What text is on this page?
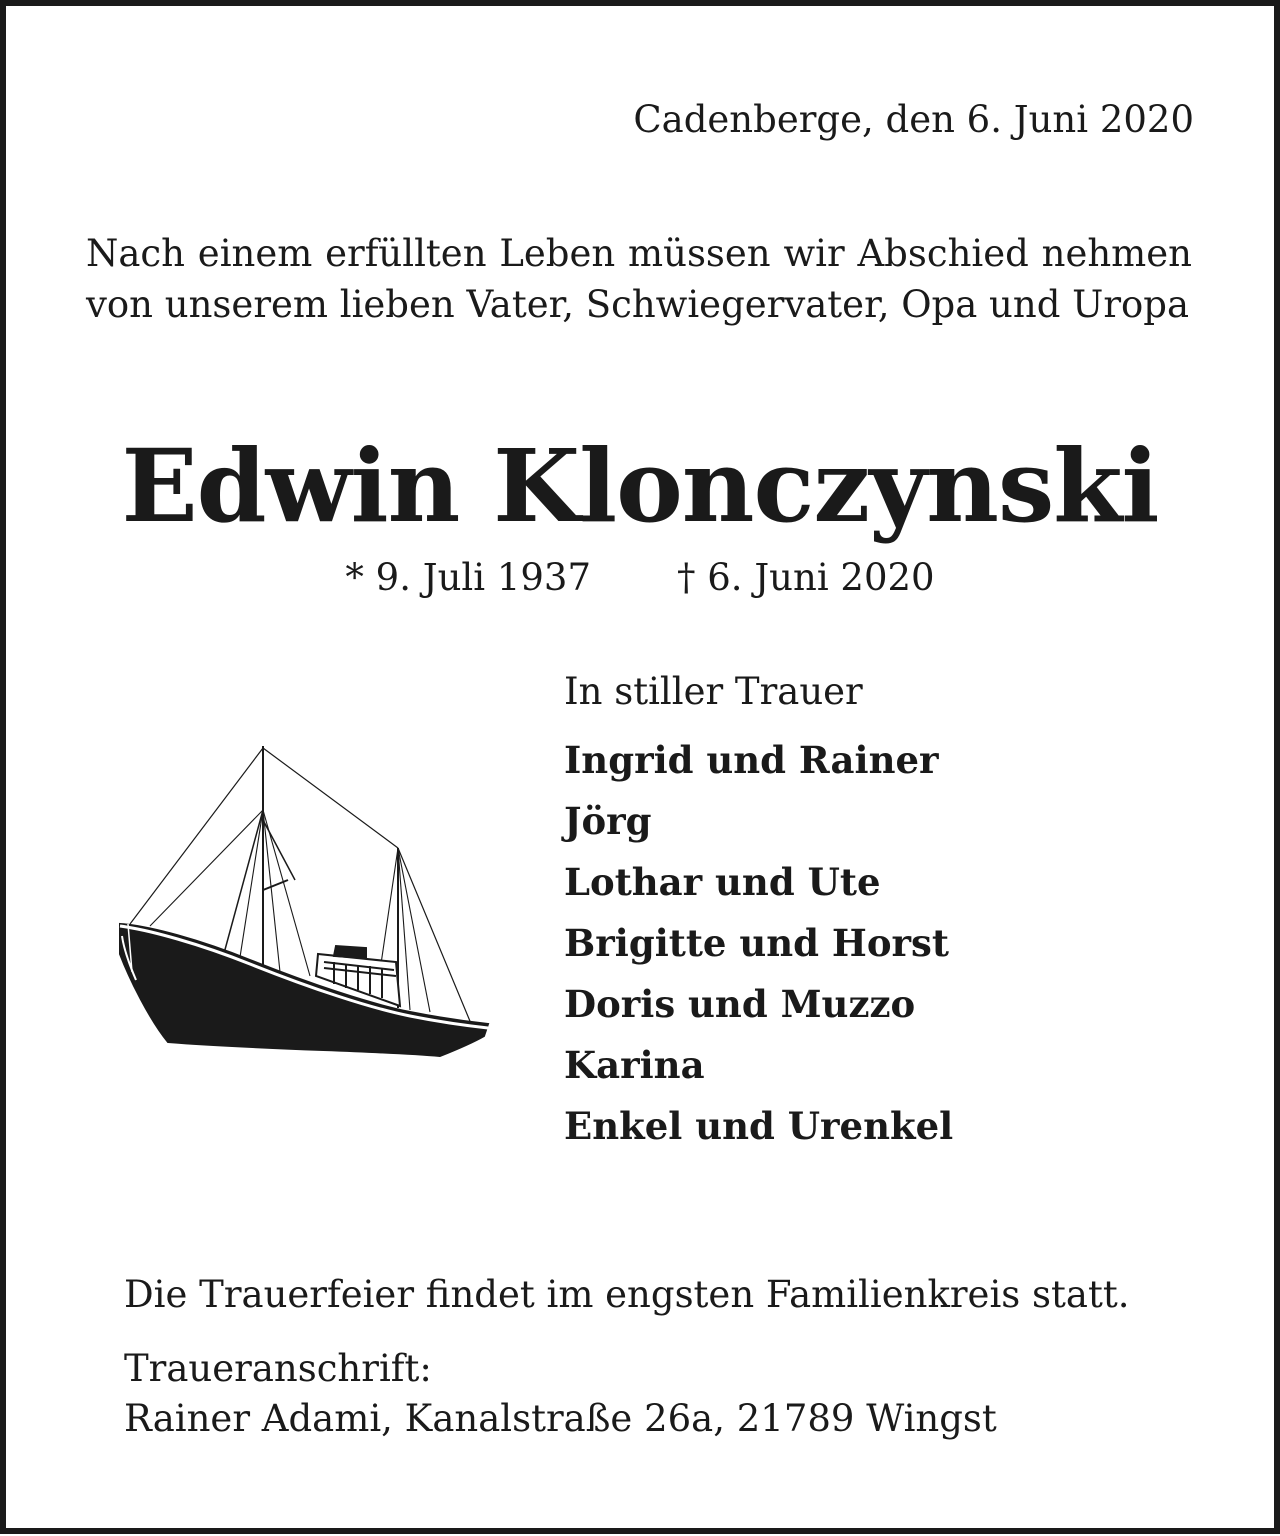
Cadenberge, den 6. Juni 2020
Nach einem erfüllten Leben müssen wir Abschied nehmen von unserem lieben Vater, Schwiegervater, Opa und Uropa
Edwin Klonczynski
* 9. Juli 1937 † 6. Juni 2020
In stiller Trauer
Ingrid und Rainer
Jörg
Lothar und Ute
Brigitte und Horst
Doris und Muzzo
Karina
Enkel und Urenkel
Die Trauerfeier findet im engsten Familienkreis statt.
Traueranschrift:
Rainer Adami, Kanalstraße 26a, 21789 Wingst
